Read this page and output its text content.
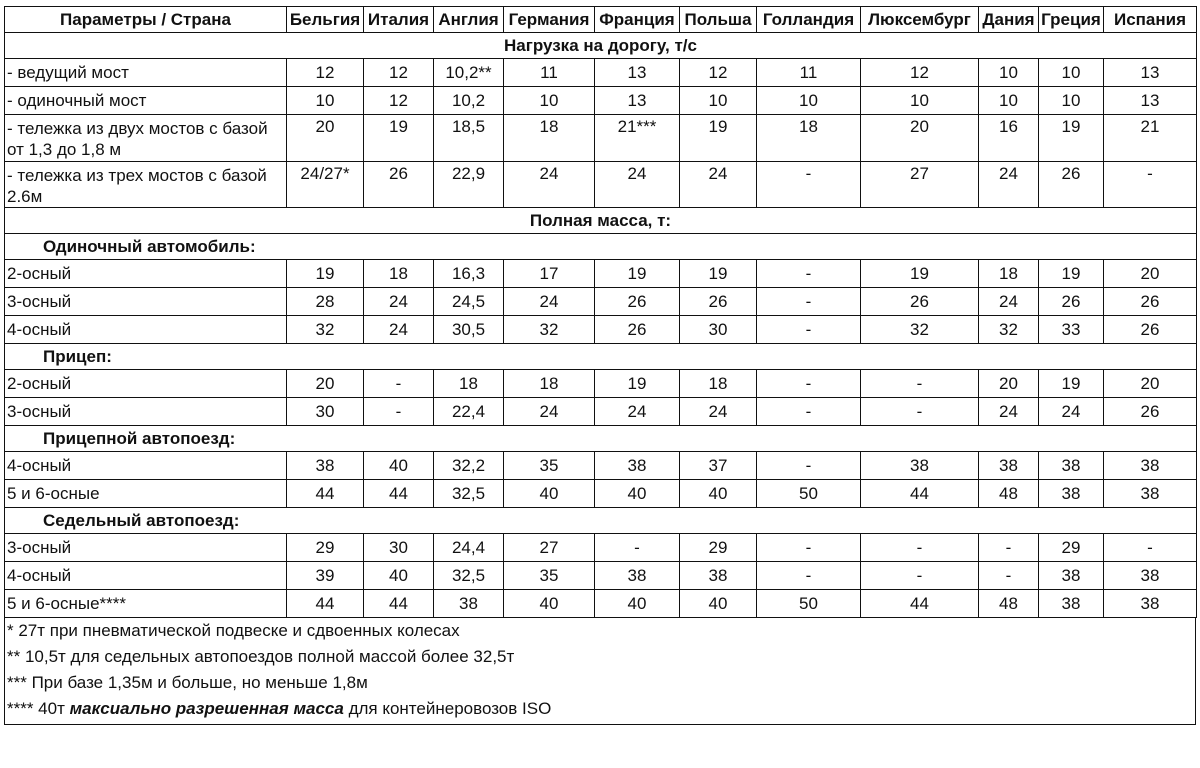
Параметры / Страна	Бельгия	Италия	Англия	Германия	Франция	Польша	Голландия	Люксембург	Дания	Греция	Испания
Нагрузка на дорогу, т/с											
- ведущий мост	12	12	10,2**	11	13	12	11	12	10	10	13
- одиночный мост	10	12	10,2	10	13	10	10	10	10	10	13
- тележка из двух мостов с базой от 1,3 до 1,8 м	20	19	18,5	18	21***	19	18	20	16	19	21
- тележка из трех мостов с базой 2.6м	24/27*	26	22,9	24	24	24	-	27	24	26	-
Полная масса, т:											
Одиночный автомобиль:											
2-осный	19	18	16,3	17	19	19	-	19	18	19	20
3-осный	28	24	24,5	24	26	26	-	26	24	26	26
4-осный	32	24	30,5	32	26	30	-	32	32	33	26
Прицеп:											
2-осный	20	-	18	18	19	18	-	-	20	19	20
3-осный	30	-	22,4	24	24	24	-	-	24	24	26
Прицепной автопоезд:											
4-осный	38	40	32,2	35	38	37	-	38	38	38	38
5 и 6-осные	44	44	32,5	40	40	40	50	44	48	38	38
Седельный автопоезд:											
3-осный	29	30	24,4	27	-	29	-	-	-	29	-
4-осный	39	40	32,5	35	38	38	-	-	-	38	38
5 и 6-осные****	44	44	38	40	40	40	50	44	48	38	38
* 27т при пневматической подвеске и сдвоенных колесах
** 10,5т для седельных автопоездов полной массой более 32,5т
*** При базе 1,35м и больше, но меньше 1,8м
**** 40т максиально разрешенная масса для контейнеровозов ISO
